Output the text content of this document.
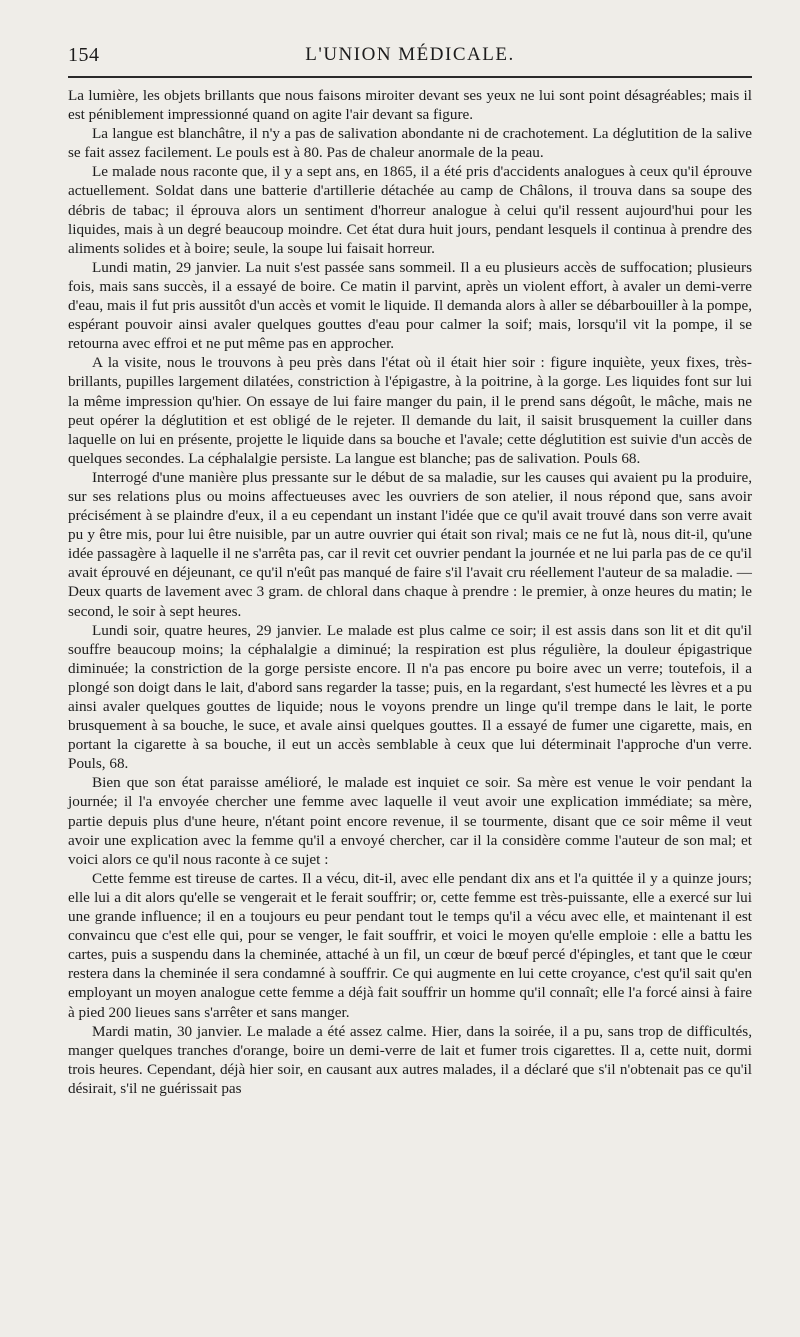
154	L'UNION MÉDICALE.

La lumière, les objets brillants que nous faisons miroiter devant ses yeux ne lui sont point désagréables; mais il est péniblement impressionné quand on agite l'air devant sa figure.

La langue est blanchâtre, il n'y a pas de salivation abondante ni de crachotement. La déglutition de la salive se fait assez facilement. Le pouls est à 80. Pas de chaleur anormale de la peau.

Le malade nous raconte que, il y a sept ans, en 1865, il a été pris d'accidents analogues à ceux qu'il éprouve actuellement. Soldat dans une batterie d'artillerie détachée au camp de Châlons, il trouva dans sa soupe des débris de tabac; il éprouva alors un sentiment d'horreur analogue à celui qu'il ressent aujourd'hui pour les liquides, mais à un degré beaucoup moindre. Cet état dura huit jours, pendant lesquels il continua à prendre des aliments solides et à boire; seule, la soupe lui faisait horreur.

Lundi matin, 29 janvier. La nuit s'est passée sans sommeil. Il a eu plusieurs accès de suffocation; plusieurs fois, mais sans succès, il a essayé de boire. Ce matin il parvint, après un violent effort, à avaler un demi-verre d'eau, mais il fut pris aussitôt d'un accès et vomit le liquide. Il demanda alors à aller se débarbouiller à la pompe, espérant pouvoir ainsi avaler quelques gouttes d'eau pour calmer la soif; mais, lorsqu'il vit la pompe, il se retourna avec effroi et ne put même pas en approcher.

A la visite, nous le trouvons à peu près dans l'état où il était hier soir : figure inquiète, yeux fixes, très-brillants, pupilles largement dilatées, constriction à l'épigastre, à la poitrine, à la gorge. Les liquides font sur lui la même impression qu'hier. On essaye de lui faire manger du pain, il le prend sans dégoût, le mâche, mais ne peut opérer la déglutition et est obligé de le rejeter. Il demande du lait, il saisit brusquement la cuiller dans laquelle on lui en présente, projette le liquide dans sa bouche et l'avale; cette déglutition est suivie d'un accès de quelques secondes. La céphalalgie persiste. La langue est blanche; pas de salivation. Pouls 68.

Interrogé d'une manière plus pressante sur le début de sa maladie, sur les causes qui avaient pu la produire, sur ses relations plus ou moins affectueuses avec les ouvriers de son atelier, il nous répond que, sans avoir précisément à se plaindre d'eux, il a eu cependant un instant l'idée que ce qu'il avait trouvé dans son verre avait pu y être mis, pour lui être nuisible, par un autre ouvrier qui était son rival; mais ce ne fut là, nous dit-il, qu'une idée passagère à laquelle il ne s'arrêta pas, car il revit cet ouvrier pendant la journée et ne lui parla pas de ce qu'il avait éprouvé en déjeunant, ce qu'il n'eût pas manqué de faire s'il l'avait cru réellement l'auteur de sa maladie. — Deux quarts de lavement avec 3 gram. de chloral dans chaque à prendre : le premier, à onze heures du matin; le second, le soir à sept heures.

Lundi soir, quatre heures, 29 janvier. Le malade est plus calme ce soir; il est assis dans son lit et dit qu'il souffre beaucoup moins; la céphalalgie a diminué; la respiration est plus régulière, la douleur épigastrique diminuée; la constriction de la gorge persiste encore. Il n'a pas encore pu boire avec un verre; toutefois, il a plongé son doigt dans le lait, d'abord sans regarder la tasse; puis, en la regardant, s'est humecté les lèvres et a pu ainsi avaler quelques gouttes de liquide; nous le voyons prendre un linge qu'il trempe dans le lait, le porte brusquement à sa bouche, le suce, et avale ainsi quelques gouttes. Il a essayé de fumer une cigarette, mais, en portant la cigarette à sa bouche, il eut un accès semblable à ceux que lui déterminait l'approche d'un verre. Pouls, 68.

Bien que son état paraisse amélioré, le malade est inquiet ce soir. Sa mère est venue le voir pendant la journée; il l'a envoyée chercher une femme avec laquelle il veut avoir une explication immédiate; sa mère, partie depuis plus d'une heure, n'étant point encore revenue, il se tourmente, disant que ce soir même il veut avoir une explication avec la femme qu'il a envoyé chercher, car il la considère comme l'auteur de son mal; et voici alors ce qu'il nous raconte à ce sujet :

Cette femme est tireuse de cartes. Il a vécu, dit-il, avec elle pendant dix ans et l'a quittée il y a quinze jours; elle lui a dit alors qu'elle se vengerait et le ferait souffrir; or, cette femme est très-puissante, elle a exercé sur lui une grande influence; il en a toujours eu peur pendant tout le temps qu'il a vécu avec elle, et maintenant il est convaincu que c'est elle qui, pour se venger, le fait souffrir, et voici le moyen qu'elle emploie : elle a battu les cartes, puis a suspendu dans la cheminée, attaché à un fil, un cœur de bœuf percé d'épingles, et tant que le cœur restera dans la cheminée il sera condamné à souffrir. Ce qui augmente en lui cette croyance, c'est qu'il sait qu'en employant un moyen analogue cette femme a déjà fait souffrir un homme qu'il connaît; elle l'a forcé ainsi à faire à pied 200 lieues sans s'arrêter et sans manger.

Mardi matin, 30 janvier. Le malade a été assez calme. Hier, dans la soirée, il a pu, sans trop de difficultés, manger quelques tranches d'orange, boire un demi-verre de lait et fumer trois cigarettes. Il a, cette nuit, dormi trois heures. Cependant, déjà hier soir, en causant aux autres malades, il a déclaré que s'il n'obtenait pas ce qu'il désirait, s'il ne guérissait pas
